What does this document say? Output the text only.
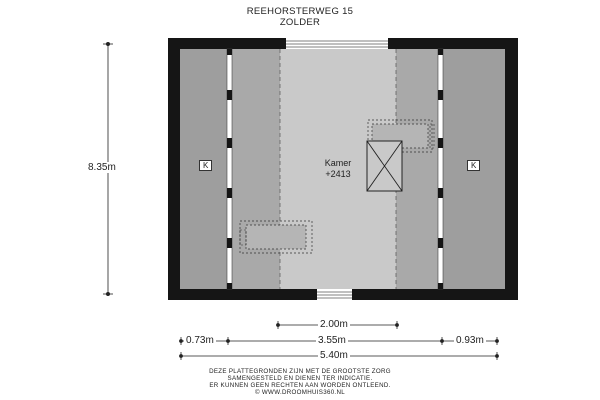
REEHORSTERWEG 15
ZOLDER
Kamer
+2413
K	K
8.35m
2.00m
0.73m	3.55m	0.93m
5.40m
DEZE PLATTEGRONDEN ZIJN MET DE GROOTSTE ZORG
SAMENGESTELD EN DIENEN TER INDICATIE.
ER KUNNEN GEEN RECHTEN AAN WORDEN ONTLEEND.
© WWW.DROOMHUIS360.NL
